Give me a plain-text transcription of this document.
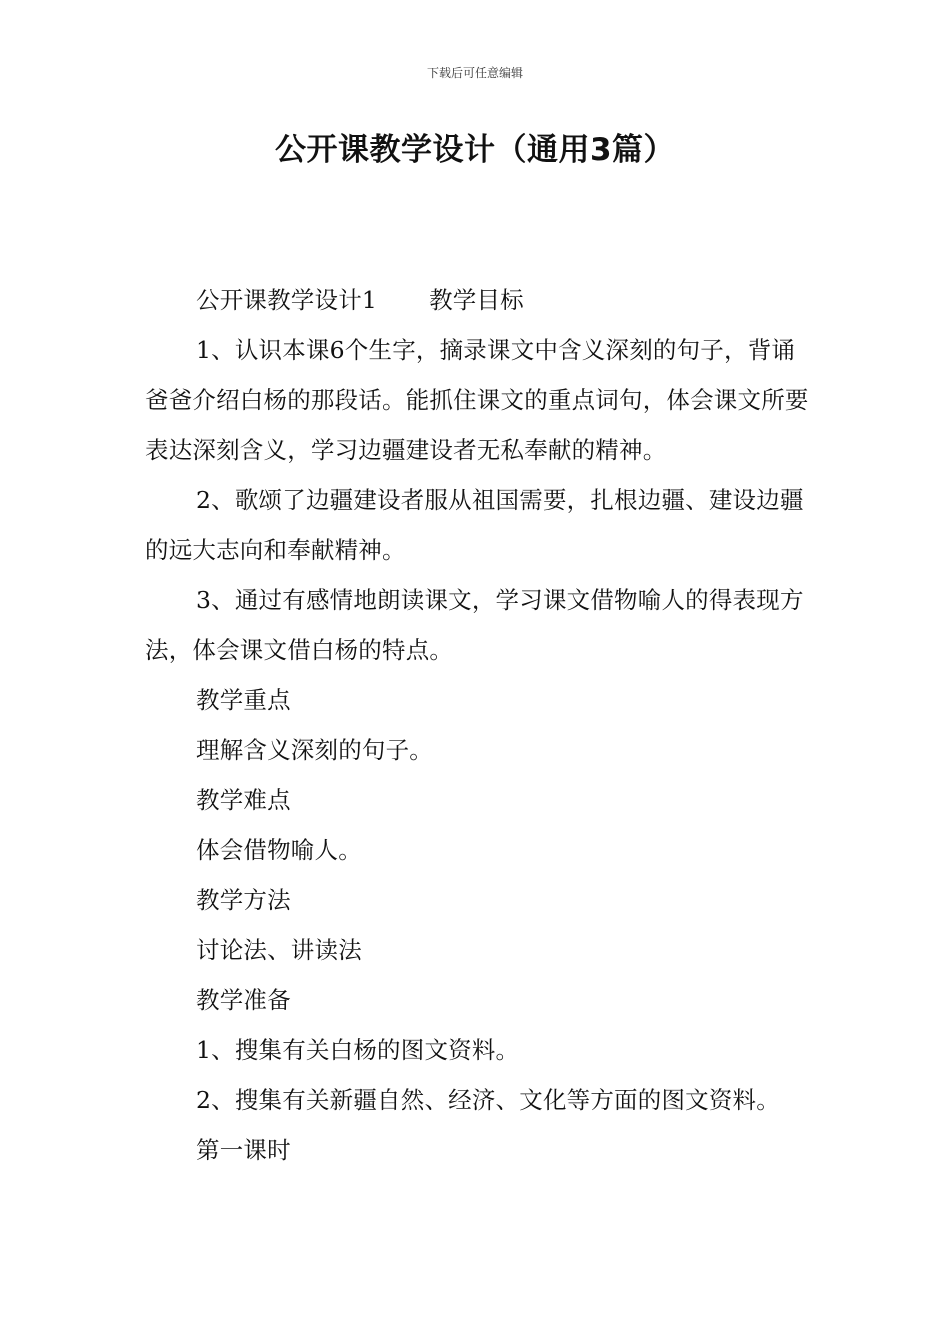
下载后可任意编辑
公开课教学设计（通用3篇）

公开课教学设计1 教学目标

1、认识本课6个生字，摘录课文中含义深刻的句子，背诵爸爸介绍白杨的那段话。能抓住课文的重点词句，体会课文所要表达深刻含义，学习边疆建设者无私奉献的精神。

2、歌颂了边疆建设者服从祖国需要，扎根边疆、建设边疆的远大志向和奉献精神。

3、通过有感情地朗读课文，学习课文借物喻人的得表现方法，体会课文借白杨的特点。

教学重点

理解含义深刻的句子。

教学难点

体会借物喻人。

教学方法

讨论法、讲读法

教学准备

1、搜集有关白杨的图文资料。

2、搜集有关新疆自然、经济、文化等方面的图文资料。

第一课时
